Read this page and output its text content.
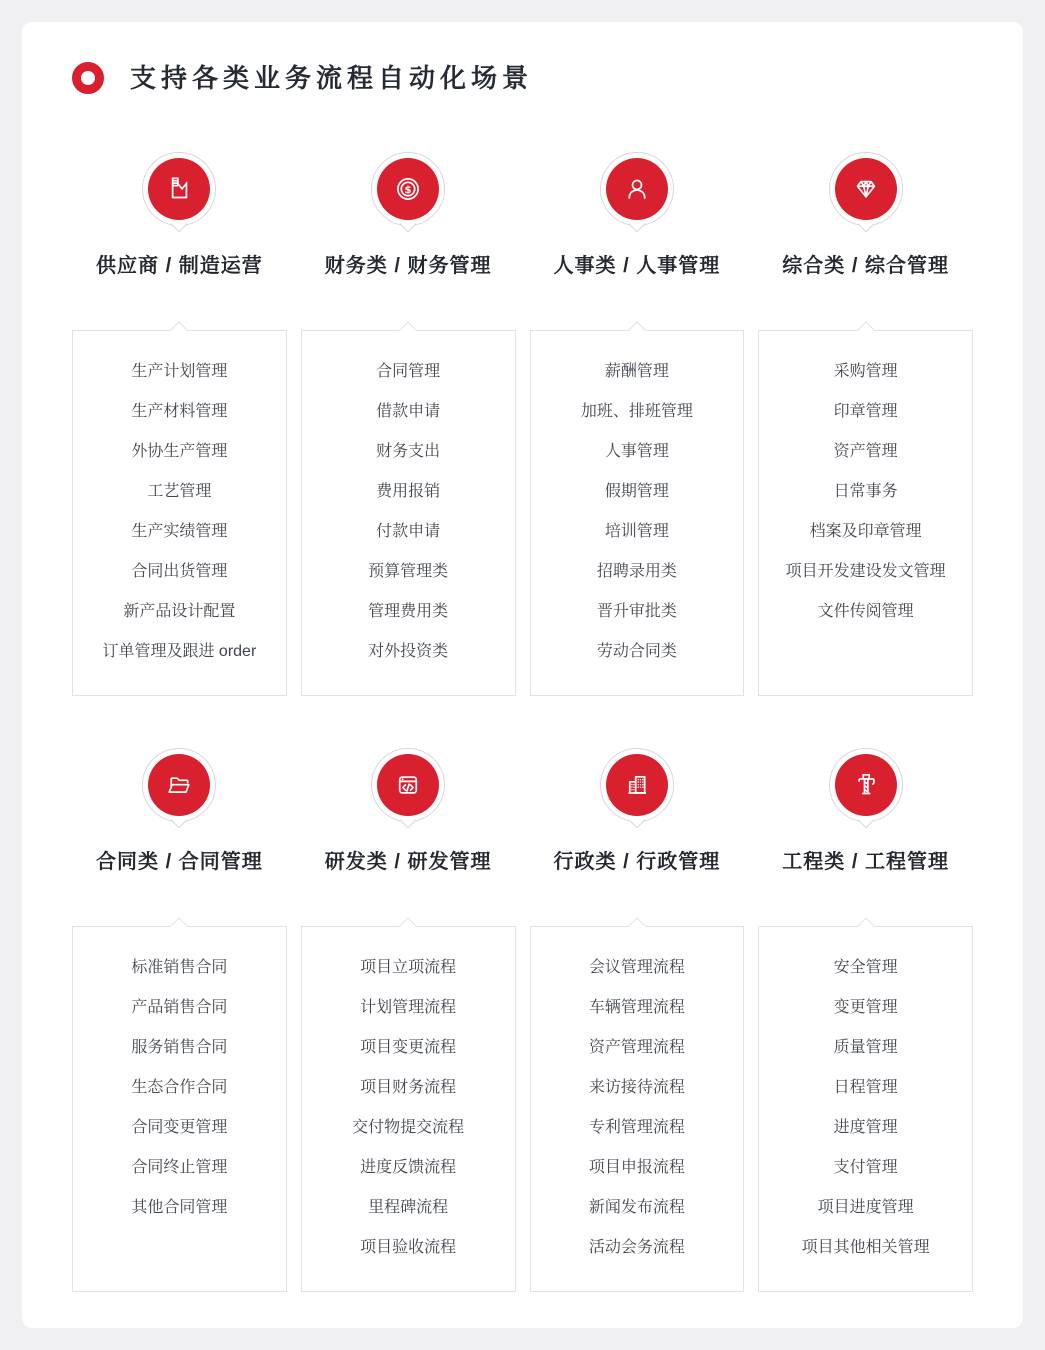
支持各类业务流程自动化场景
供应商 / 制造运营
生产计划管理
生产材料管理
外协生产管理
工艺管理
生产实绩管理
合同出货管理
新产品设计配置
订单管理及跟进 order
$
财务类 / 财务管理
合同管理
借款申请
财务支出
费用报销
付款申请
预算管理类
管理费用类
对外投资类
人事类 / 人事管理
薪酬管理
加班、排班管理
人事管理
假期管理
培训管理
招聘录用类
晋升审批类
劳动合同类
综合类 / 综合管理
采购管理
印章管理
资产管理
日常事务
档案及印章管理
项目开发建设发文管理
文件传阅管理
合同类 / 合同管理
标准销售合同
产品销售合同
服务销售合同
生态合作合同
合同变更管理
合同终止管理
其他合同管理
研发类 / 研发管理
项目立项流程
计划管理流程
项目变更流程
项目财务流程
交付物提交流程
进度反馈流程
里程碑流程
项目验收流程
行政类 / 行政管理
会议管理流程
车辆管理流程
资产管理流程
来访接待流程
专利管理流程
项目申报流程
新闻发布流程
活动会务流程
工程类 / 工程管理
安全管理
变更管理
质量管理
日程管理
进度管理
支付管理
项目进度管理
项目其他相关管理
